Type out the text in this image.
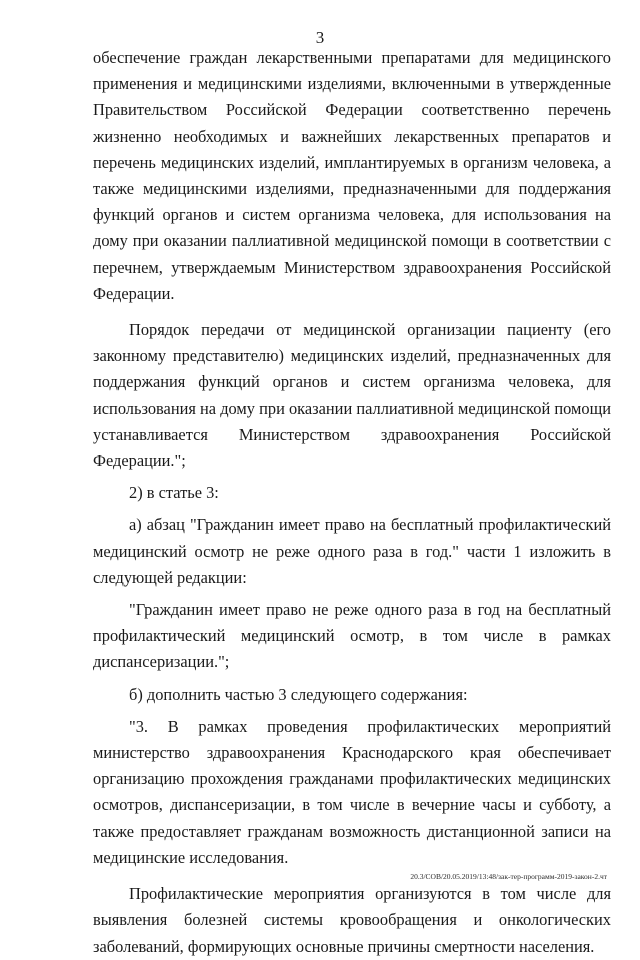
3

обеспечение граждан лекарственными препаратами для медицинского применения и медицинскими изделиями, включенными в утвержденные Правительством Российской Федерации соответственно перечень жизненно необходимых и важнейших лекарственных препаратов и перечень медицинских изделий, имплантируемых в организм человека, а также медицинскими изделиями, предназначенными для поддержания функций органов и систем организма человека, для использования на дому при оказании паллиативной медицинской помощи в соответствии с перечнем, утверждаемым Министерством здравоохранения Российской Федерации.

Порядок передачи от медицинской организации пациенту (его законному представителю) медицинских изделий, предназначенных для поддержания функций органов и систем организма человека, для использования на дому при оказании паллиативной медицинской помощи устанавливается Министерством здравоохранения Российской Федерации.";

2) в статье 3:

а) абзац "Гражданин имеет право на бесплатный профилактический медицинский осмотр не реже одного раза в год." части 1 изложить в следующей редакции:

"Гражданин имеет право не реже одного раза в год на бесплатный профилактический медицинский осмотр, в том числе в рамках диспансеризации.";

б) дополнить частью 3 следующего содержания:

"3. В рамках проведения профилактических мероприятий министерство здравоохранения Краснодарского края обеспечивает организацию прохождения гражданами профилактических медицинских осмотров, диспансеризации, в том числе в вечерние часы и субботу, а также предоставляет гражданам возможность дистанционной записи на медицинские исследования.

Профилактические мероприятия организуются в том числе для выявления болезней системы кровообращения и онкологических заболеваний, формирующих основные причины смертности населения.

20.3/СОВ/20.05.2019/13:48/зак-тер-программ-2019-закон-2.чт
